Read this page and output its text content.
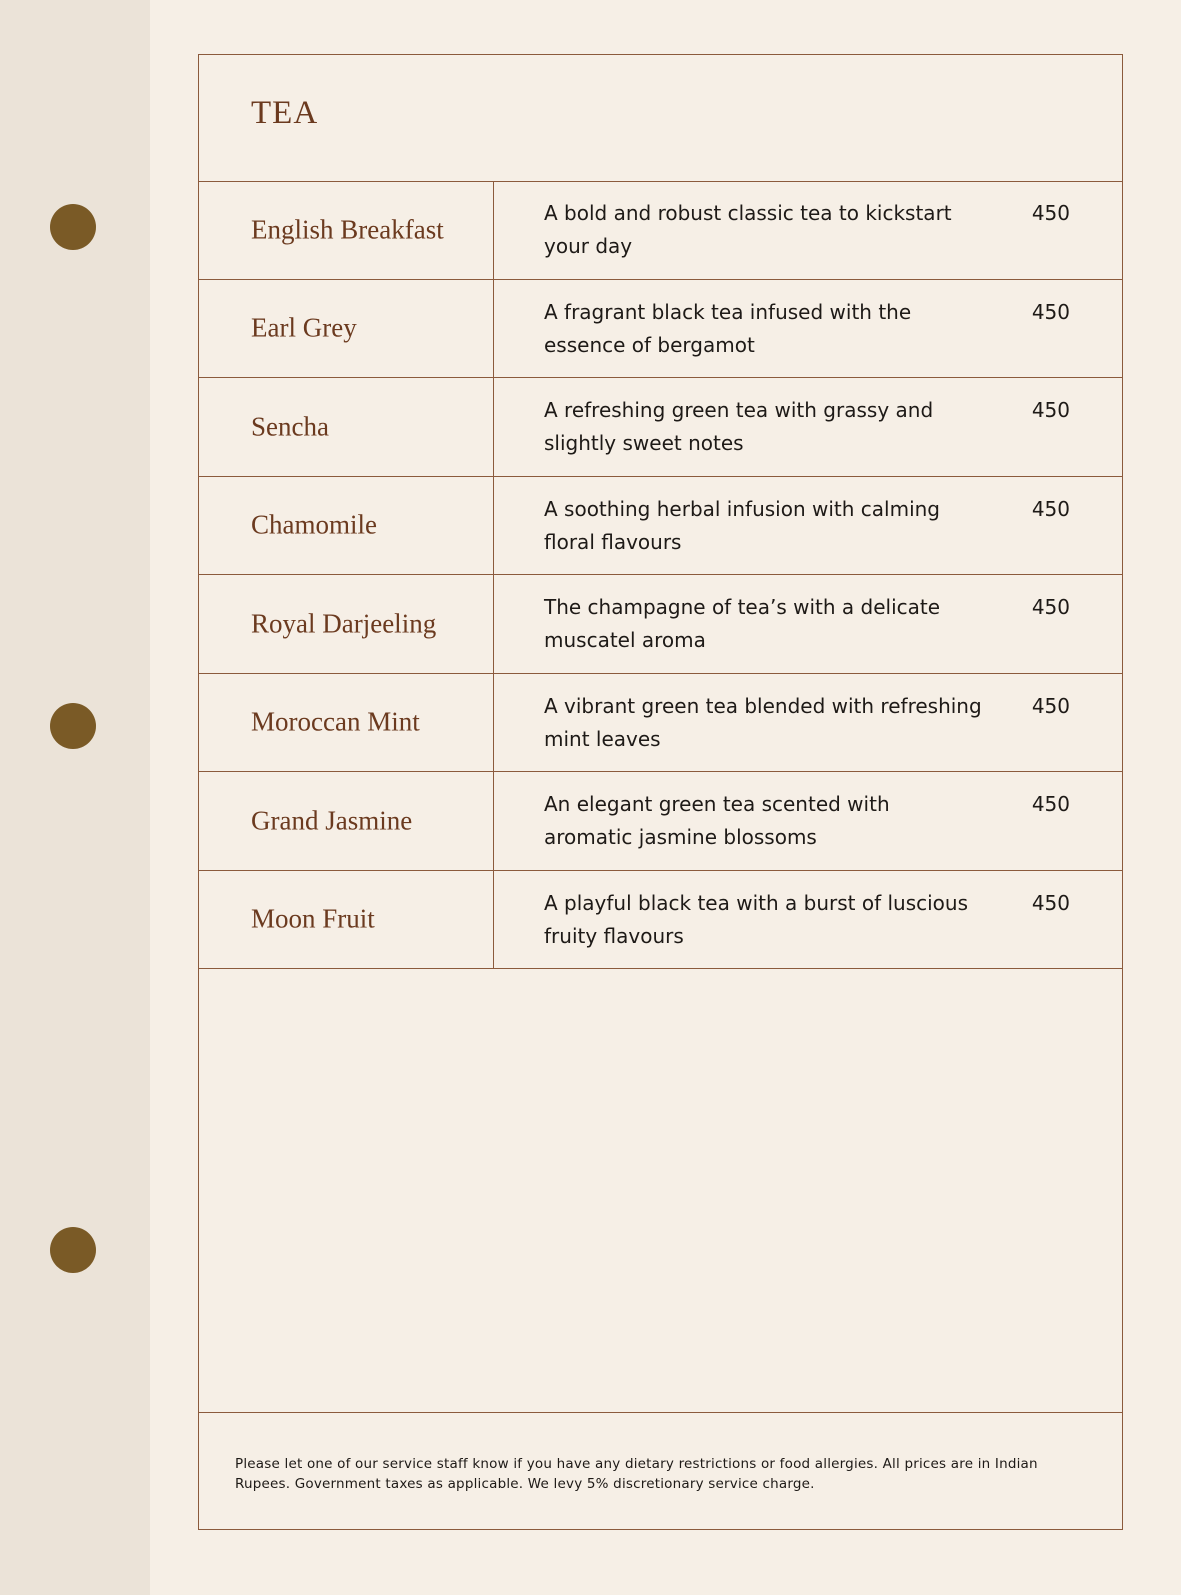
TEA
English Breakfast
A bold and robust classic tea to kickstart your day
450
Earl Grey
A fragrant black tea infused with the essence of bergamot
450
Sencha
A refreshing green tea with grassy and slightly sweet notes
450
Chamomile
A soothing herbal infusion with calming floral flavours
450
Royal Darjeeling
The champagne of tea’s with a delicate muscatel aroma
450
Moroccan Mint
A vibrant green tea blended with refreshing mint leaves
450
Grand Jasmine
An elegant green tea scented with aromatic jasmine blossoms
450
Moon Fruit
A playful black tea with a burst of luscious fruity flavours
450

Please let one of our service staff know if you have any dietary restrictions or food allergies. All prices are in Indian Rupees. Government taxes as applicable. We levy 5% discretionary service charge.
